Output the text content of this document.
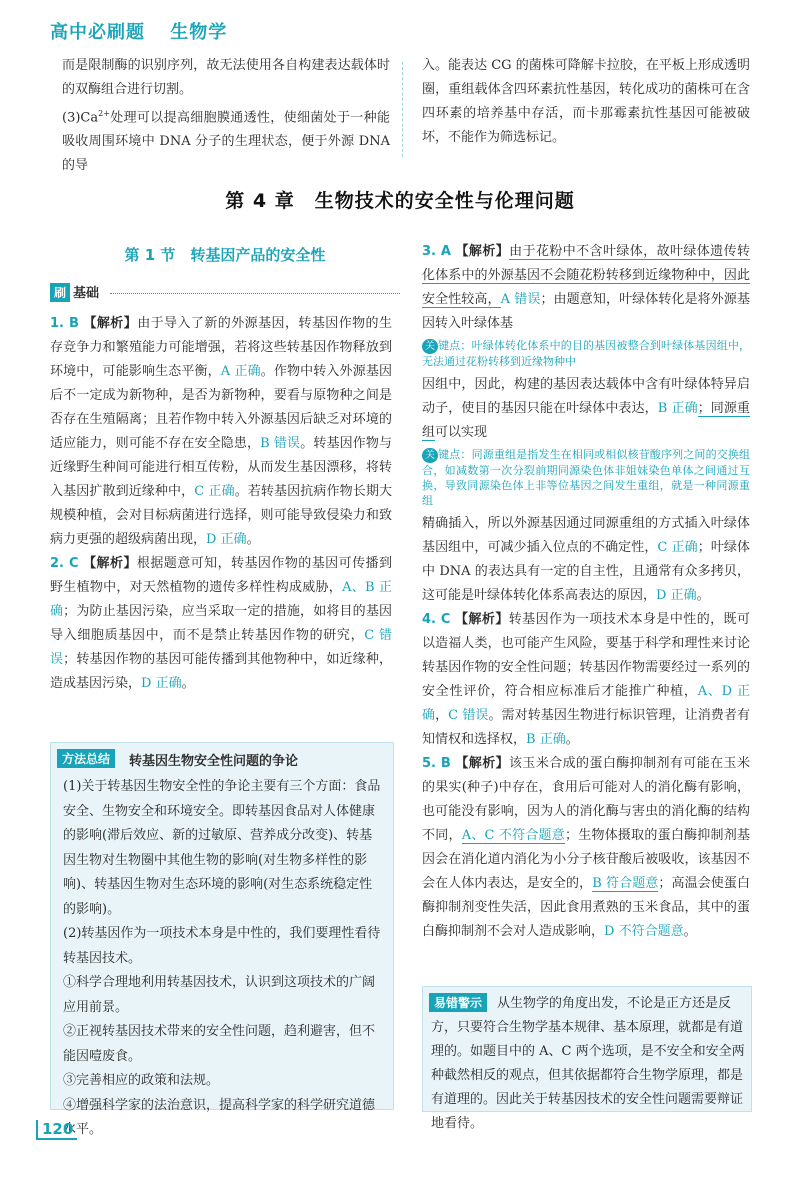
高中必刷题 生物学

而是限制酶的识别序列，故无法使用各自构建表达载体时的双酶组合进行切割。

$(3)Ca^{2+}$处理可以提高细胞膜通透性，使细菌处于一种能吸收周围环境中 DNA 分子的生理状态，便于外源 DNA 的导

入。能表达 CG 的菌株可降解卡拉胶，在平板上形成透明圈，重组载体含四环素抗性基因，转化成功的菌株可在含四环素的培养基中存活，而卡那霉素抗性基因可能被破坏，不能作为筛选标记。

第 4 章　生物技术的安全性与伦理问题
第 1 节　转基因产品的安全性
刷 基础

1. B 【解析】由于导入了新的外源基因，转基因作物的生存竞争力和繁殖能力可能增强，若将这些转基因作物释放到环境中，可能影响生态平衡，A 正确。作物中转入外源基因后不一定成为新物种，是否为新物种，要看与原物种之间是否存在生殖隔离；且若作物中转入外源基因后缺乏对环境的适应能力，则可能不存在安全隐患，B 错误。转基因作物与近缘野生种间可能进行相互传粉，从而发生基因漂移，将转入基因扩散到近缘种中，C 正确。若转基因抗病作物长期大规模种植，会对目标病菌进行选择，则可能导致侵染力和致病力更强的超级病菌出现，D 正确。

2. C 【解析】根据题意可知，转基因作物的基因可传播到野生植物中，对天然植物的遗传多样性构成威胁，A、B 正确；为防止基因污染，应当采取一定的措施，如将目的基因导入细胞质基因中，而不是禁止转基因作物的研究，C 错误；转基因作物的基因可能传播到其他物种中，如近缘种，造成基因污染，D 正确。

方法总结	转基因生物安全性问题的争论

(1)关于转基因生物安全性的争论主要有三个方面：食品安全、生物安全和环境安全。即转基因食品对人体健康的影响(滞后效应、新的过敏原、营养成分改变)、转基因生物对生物圈中其他生物的影响(对生物多样性的影响)、转基因生物对生态环境的影响(对生态系统稳定性的影响)。

(2)转基因作为一项技术本身是中性的，我们要理性看待转基因技术。

①科学合理地利用转基因技术，认识到这项技术的广阔应用前景。

②正视转基因技术带来的安全性问题，趋利避害，但不能因噎废食。

③完善相应的政策和法规。

④增强科学家的法治意识，提高科学家的科学研究道德水平。

3. A 【解析】由于花粉中不含叶绿体，故叶绿体遗传转化体系中的外源基因不会随花粉转移到近缘物种中，因此安全性较高，A 错误；由题意知，叶绿体转化是将外源基因转入叶绿体基

关 键点：叶绿体转化体系中的目的基因被整合到叶绿体基因组中，无法通过花粉转移到近缘物种中

因组中，因此，构建的基因表达载体中含有叶绿体特异启动子，使目的基因只能在叶绿体中表达，B 正确；同源重组可以实现

关 键点：同源重组是指发生在相同或相似核苷酸序列之间的交换组合，如减数第一次分裂前期同源染色体非姐妹染色单体之间通过互换，导致同源染色体上非等位基因之间发生重组，就是一种同源重组

精确插入，所以外源基因通过同源重组的方式插入叶绿体基因组中，可减少插入位点的不确定性，C 正确；叶绿体中 DNA 的表达具有一定的自主性，且通常有众多拷贝，这可能是叶绿体转化体系高表达的原因，D 正确。

4. C 【解析】转基因作为一项技术本身是中性的，既可以造福人类，也可能产生风险，要基于科学和理性来讨论转基因作物的安全性问题；转基因作物需要经过一系列的安全性评价，符合相应标准后才能推广种植，A、D 正确，C 错误。需对转基因生物进行标识管理，让消费者有知情权和选择权，B 正确。

5. B 【解析】该玉米合成的蛋白酶抑制剂有可能在玉米的果实(种子)中存在，食用后可能对人的消化酶有影响，也可能没有影响，因为人的消化酶与害虫的消化酶的结构不同，A、C 不符合题意；生物体摄取的蛋白酶抑制剂基因会在消化道内消化为小分子核苷酸后被吸收，该基因不会在人体内表达，是安全的，B 符合题意；高温会使蛋白酶抑制剂变性失活，因此食用煮熟的玉米食品，其中的蛋白酶抑制剂不会对人造成影响，D 不符合题意。

易错警示	从生物学的角度出发，不论是正方还是反方，只要符合生物学基本规律、基本原理，就都是有道理的。如题目中的 A、C 两个选项，是不安全和安全两种截然相反的观点，但其依据都符合生物学原理，都是有道理的。因此关于转基因技术的安全性问题需要辩证地看待。
120
